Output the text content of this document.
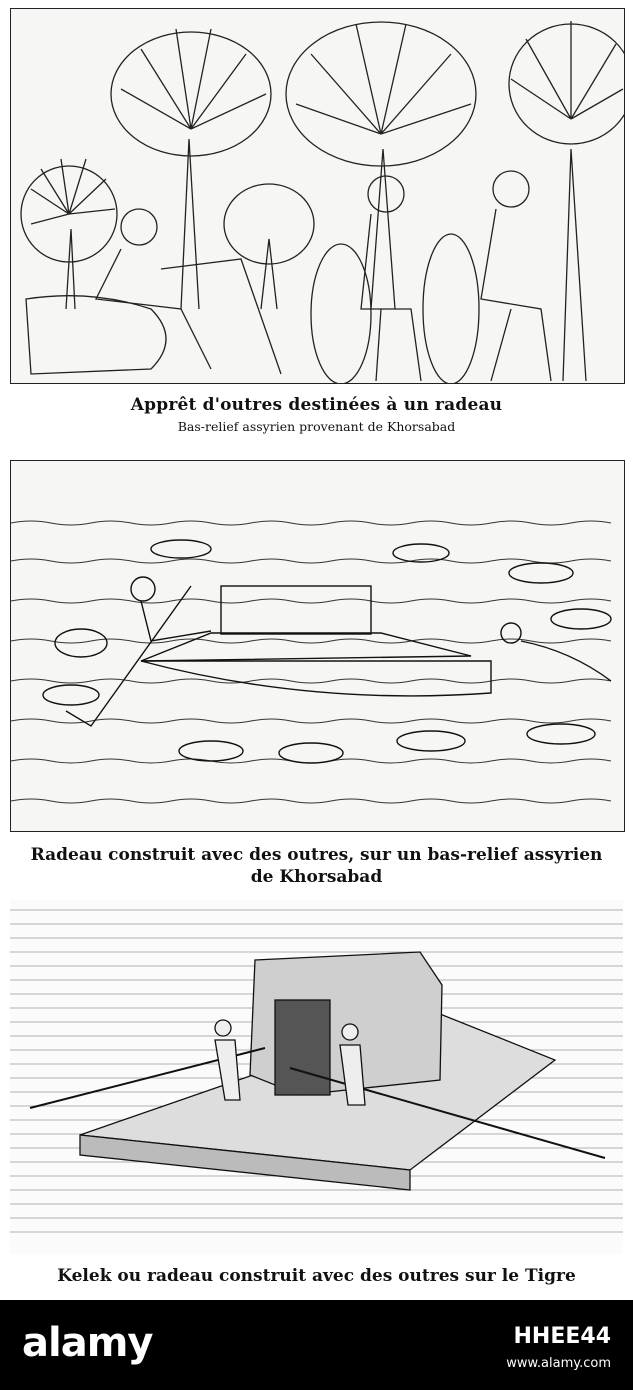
Apprêt d'outres destinées à un radeau
Bas-relief assyrien provenant de Khorsabad
Radeau construit avec des outres, sur un bas-relief assyrien
de Khorsabad
Kelek ou radeau construit avec des outres sur le Tigre
alamy	HHEE44
www.alamy.com
